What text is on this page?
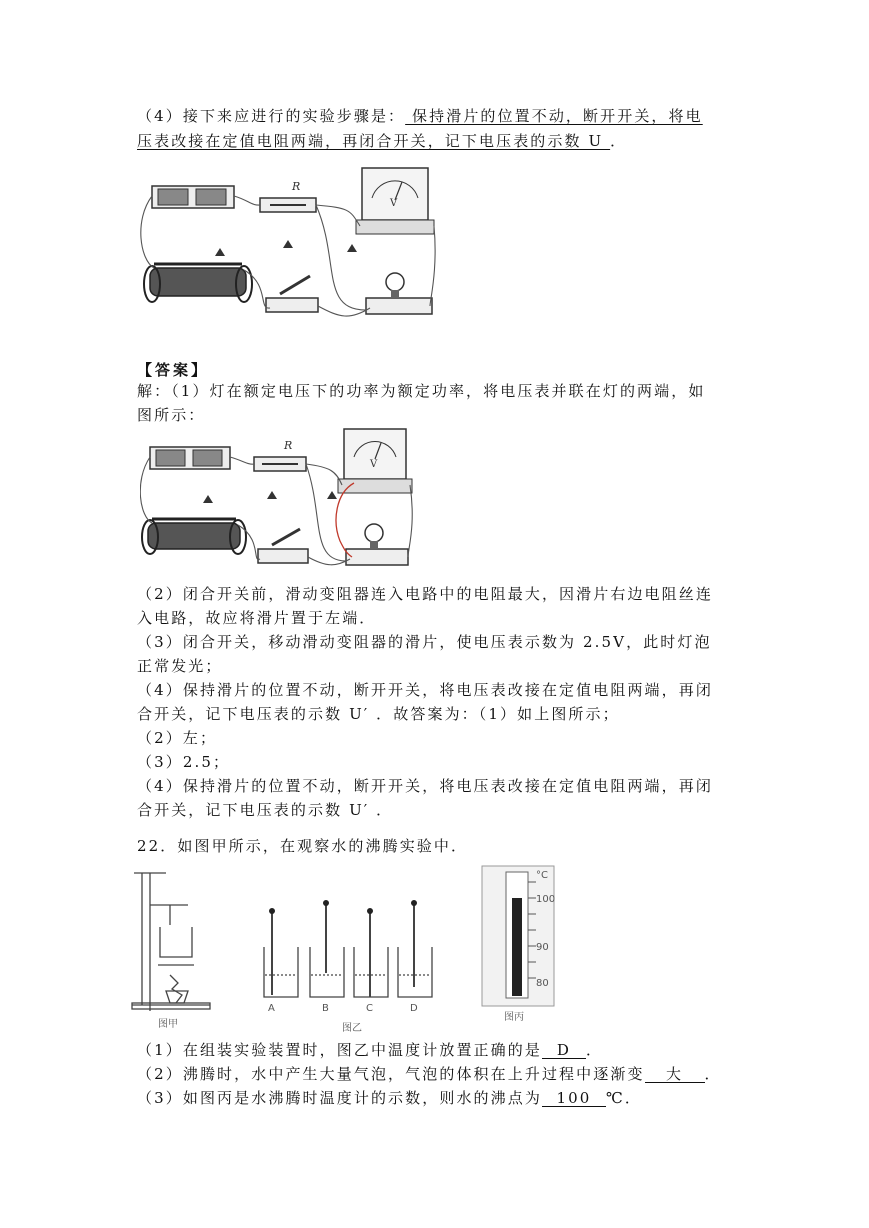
（4）接下来应进行的实验步骤是： 保持滑片的位置不动，断开开关，将电
压表改接在定值电阻两端，再闭合开关，记下电压表的示数 U ．
R
V
【答案】
解：（1）灯在额定电压下的功率为额定功率，将电压表并联在灯的两端，如
图所示：
R
V
（2）闭合开关前，滑动变阻器连入电路中的电阻最大，因滑片右边电阻丝连
入电路，故应将滑片置于左端．
（3）闭合开关，移动滑动变阻器的滑片，使电压表示数为 2.5V，此时灯泡
正常发光；
（4）保持滑片的位置不动，断开开关，将电压表改接在定值电阻两端，再闭
合开关，记下电压表的示数 U′ ．故答案为：（1）如上图所示；
（2）左；
（3）2.5；
（4）保持滑片的位置不动，断开开关，将电压表改接在定值电阻两端，再闭
合开关，记下电压表的示数 U′ ．
22．如图甲所示，在观察水的沸腾实验中．
图甲
A	B	C	D
图乙
°C
100
90
80
图丙
（1）在组装实验装置时，图乙中温度计放置正确的是 D ．
（2）沸腾时，水中产生大量气泡，气泡的体积在上升过程中逐渐变 大 ．
（3）如图丙是水沸腾时温度计的示数，则水的沸点为 100 ℃．
